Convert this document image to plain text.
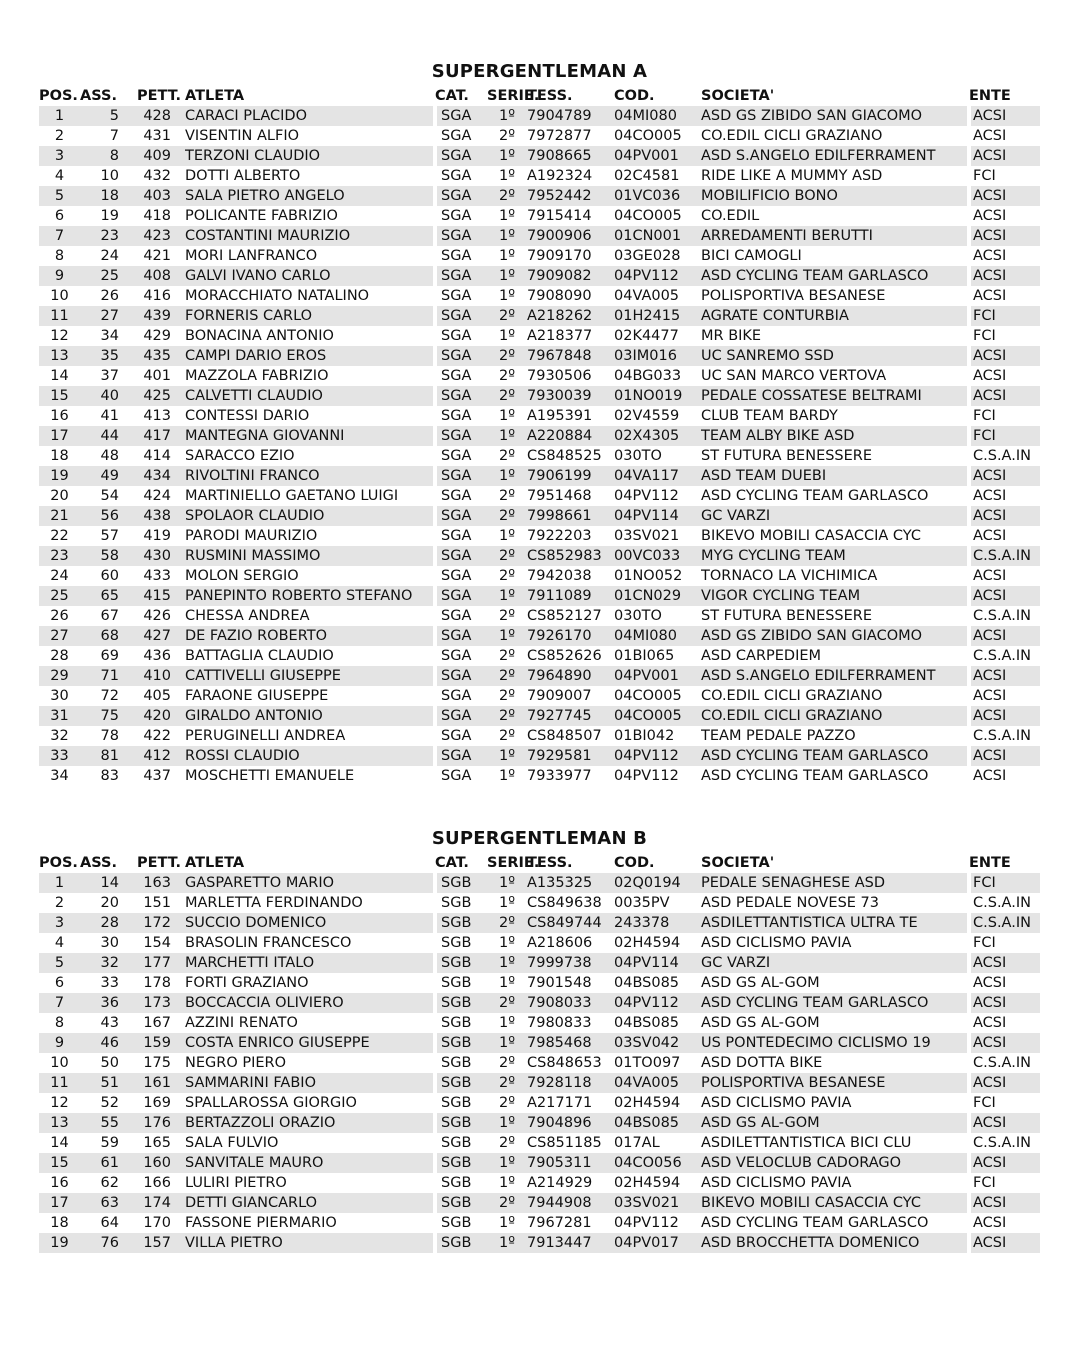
SUPERGENTLEMAN A
POS.	ASS.	PETT.	ATLETA	CAT.	SERIE.	TESS.	COD.	SOCIETA'	ENTE
1	5	428	CARACI PLACIDO	SGA	1º	7904789	04MI080	ASD GS ZIBIDO SAN GIACOMO	ACSI
2	7	431	VISENTIN ALFIO	SGA	2º	7972877	04CO005	CO.EDIL CICLI GRAZIANO	ACSI
3	8	409	TERZONI CLAUDIO	SGA	1º	7908665	04PV001	ASD S.ANGELO EDILFERRAMENT	ACSI
4	10	432	DOTTI ALBERTO	SGA	1º	A192324	02C4581	RIDE LIKE A MUMMY ASD	FCI
5	18	403	SALA PIETRO ANGELO	SGA	2º	7952442	01VC036	MOBILIFICIO BONO	ACSI
6	19	418	POLICANTE FABRIZIO	SGA	1º	7915414	04CO005	CO.EDIL	ACSI
7	23	423	COSTANTINI MAURIZIO	SGA	1º	7900906	01CN001	ARREDAMENTI BERUTTI	ACSI
8	24	421	MORI LANFRANCO	SGA	1º	7909170	03GE028	BICI CAMOGLI	ACSI
9	25	408	GALVI IVANO CARLO	SGA	1º	7909082	04PV112	ASD CYCLING TEAM GARLASCO	ACSI
10	26	416	MORACCHIATO NATALINO	SGA	1º	7908090	04VA005	POLISPORTIVA BESANESE	ACSI
11	27	439	FORNERIS CARLO	SGA	2º	A218262	01H2415	AGRATE CONTURBIA	FCI
12	34	429	BONACINA ANTONIO	SGA	1º	A218377	02K4477	MR BIKE	FCI
13	35	435	CAMPI DARIO EROS	SGA	2º	7967848	03IM016	UC SANREMO SSD	ACSI
14	37	401	MAZZOLA FABRIZIO	SGA	2º	7930506	04BG033	UC SAN MARCO VERTOVA	ACSI
15	40	425	CALVETTI CLAUDIO	SGA	2º	7930039	01NO019	PEDALE COSSATESE BELTRAMI	ACSI
16	41	413	CONTESSI DARIO	SGA	1º	A195391	02V4559	CLUB TEAM BARDY	FCI
17	44	417	MANTEGNA GIOVANNI	SGA	1º	A220884	02X4305	TEAM ALBY BIKE ASD	FCI
18	48	414	SARACCO EZIO	SGA	2º	CS848525	030TO	ST FUTURA BENESSERE	C.S.A.IN
19	49	434	RIVOLTINI FRANCO	SGA	1º	7906199	04VA117	ASD TEAM DUEBI	ACSI
20	54	424	MARTINIELLO GAETANO LUIGI	SGA	2º	7951468	04PV112	ASD CYCLING TEAM GARLASCO	ACSI
21	56	438	SPOLAOR CLAUDIO	SGA	2º	7998661	04PV114	GC VARZI	ACSI
22	57	419	PARODI MAURIZIO	SGA	1º	7922203	03SV021	BIKEVO MOBILI CASACCIA CYC	ACSI
23	58	430	RUSMINI MASSIMO	SGA	2º	CS852983	00VC033	MYG CYCLING TEAM	C.S.A.IN
24	60	433	MOLON SERGIO	SGA	2º	7942038	01NO052	TORNACO LA VICHIMICA	ACSI
25	65	415	PANEPINTO ROBERTO STEFANO	SGA	1º	7911089	01CN029	VIGOR CYCLING TEAM	ACSI
26	67	426	CHESSA ANDREA	SGA	2º	CS852127	030TO	ST FUTURA BENESSERE	C.S.A.IN
27	68	427	DE FAZIO ROBERTO	SGA	1º	7926170	04MI080	ASD GS ZIBIDO SAN GIACOMO	ACSI
28	69	436	BATTAGLIA CLAUDIO	SGA	2º	CS852626	01BI065	ASD CARPEDIEM	C.S.A.IN
29	71	410	CATTIVELLI GIUSEPPE	SGA	2º	7964890	04PV001	ASD S.ANGELO EDILFERRAMENT	ACSI
30	72	405	FARAONE GIUSEPPE	SGA	2º	7909007	04CO005	CO.EDIL CICLI GRAZIANO	ACSI
31	75	420	GIRALDO ANTONIO	SGA	2º	7927745	04CO005	CO.EDIL CICLI GRAZIANO	ACSI
32	78	422	PERUGINELLI ANDREA	SGA	2º	CS848507	01BI042	TEAM PEDALE PAZZO	C.S.A.IN
33	81	412	ROSSI CLAUDIO	SGA	1º	7929581	04PV112	ASD CYCLING TEAM GARLASCO	ACSI
34	83	437	MOSCHETTI EMANUELE	SGA	1º	7933977	04PV112	ASD CYCLING TEAM GARLASCO	ACSI
SUPERGENTLEMAN B
POS.	ASS.	PETT.	ATLETA	CAT.	SERIE.	TESS.	COD.	SOCIETA'	ENTE
1	14	163	GASPARETTO MARIO	SGB	1º	A135325	02Q0194	PEDALE SENAGHESE ASD	FCI
2	20	151	MARLETTA FERDINANDO	SGB	1º	CS849638	0035PV	ASD PEDALE NOVESE 73	C.S.A.IN
3	28	172	SUCCIO DOMENICO	SGB	2º	CS849744	243378	ASDILETTANTISTICA ULTRA TE	C.S.A.IN
4	30	154	BRASOLIN FRANCESCO	SGB	1º	A218606	02H4594	ASD CICLISMO PAVIA	FCI
5	32	177	MARCHETTI ITALO	SGB	1º	7999738	04PV114	GC VARZI	ACSI
6	33	178	FORTI GRAZIANO	SGB	1º	7901548	04BS085	ASD GS AL-GOM	ACSI
7	36	173	BOCCACCIA OLIVIERO	SGB	2º	7908033	04PV112	ASD CYCLING TEAM GARLASCO	ACSI
8	43	167	AZZINI RENATO	SGB	1º	7980833	04BS085	ASD GS AL-GOM	ACSI
9	46	159	COSTA ENRICO GIUSEPPE	SGB	1º	7985468	03SV042	US PONTEDECIMO CICLISMO 19	ACSI
10	50	175	NEGRO PIERO	SGB	2º	CS848653	01TO097	ASD DOTTA BIKE	C.S.A.IN
11	51	161	SAMMARINI FABIO	SGB	2º	7928118	04VA005	POLISPORTIVA BESANESE	ACSI
12	52	169	SPALLAROSSA GIORGIO	SGB	2º	A217171	02H4594	ASD CICLISMO PAVIA	FCI
13	55	176	BERTAZZOLI ORAZIO	SGB	1º	7904896	04BS085	ASD GS AL-GOM	ACSI
14	59	165	SALA FULVIO	SGB	2º	CS851185	017AL	ASDILETTANTISTICA BICI CLU	C.S.A.IN
15	61	160	SANVITALE MAURO	SGB	1º	7905311	04CO056	ASD VELOCLUB CADORAGO	ACSI
16	62	166	LULIRI PIETRO	SGB	1º	A214929	02H4594	ASD CICLISMO PAVIA	FCI
17	63	174	DETTI GIANCARLO	SGB	2º	7944908	03SV021	BIKEVO MOBILI CASACCIA CYC	ACSI
18	64	170	FASSONE PIERMARIO	SGB	1º	7967281	04PV112	ASD CYCLING TEAM GARLASCO	ACSI
19	76	157	VILLA PIETRO	SGB	1º	7913447	04PV017	ASD BROCCHETTA DOMENICO	ACSI
